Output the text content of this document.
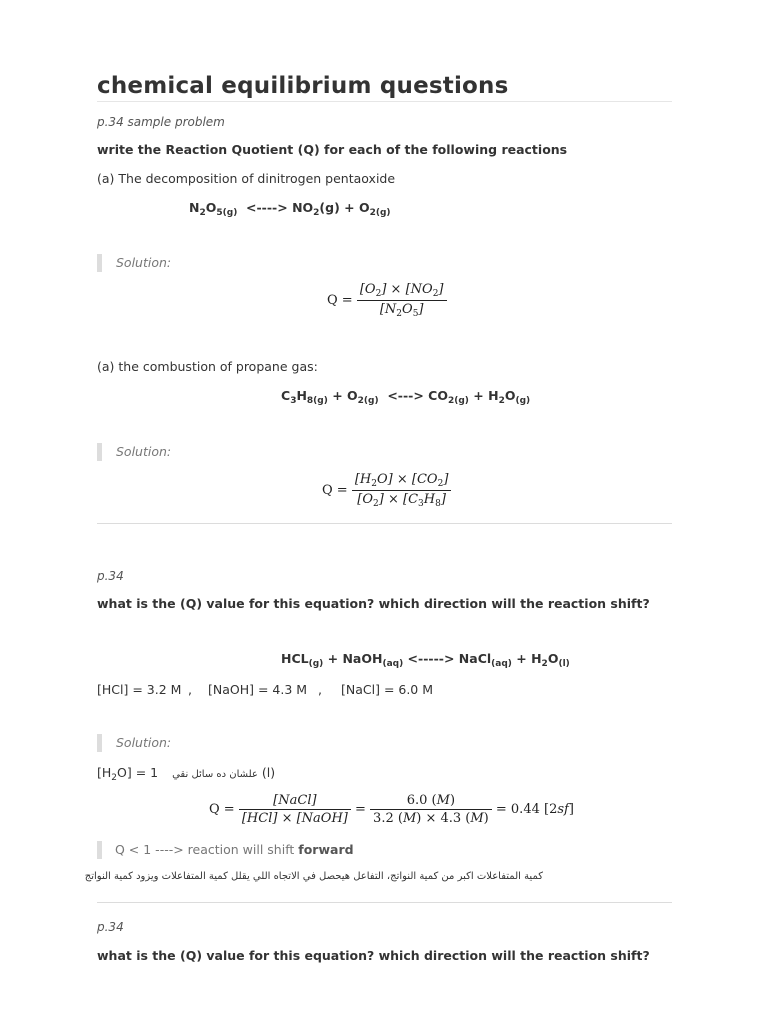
chemical equilibrium questions
p.34 sample problem
write the Reaction Quotient (Q) for each of the following reactions
(a) The decomposition of dinitrogen pentaoxide
$N_2O_{5(g)}$  <----> $NO_2(g) + O_{2(g)}$
Solution:
$Q = \frac{[O_2] \times [NO_2]}{[N_2O_5]}$
(a) the combustion of propane gas:
$C_3H_{8(g)} + O_{2(g)}$  <---> $CO_{2(g)} + H_2O_{(g)}$
Solution:
$Q = \frac{[H_2O] \times [CO_2]}{[O_2] \times [C_3H_8]}$
p.34
what is the (Q) value for this equation? which direction will the reaction shift?
$HCL_{(g)}$ + NaOH$_{(aq)}$ <-----> NaCl$_{(aq)}$ + $H_2O_{(l)}$
[HCl] = 3.2 M , [NaOH] = 4.3 M , [NaCl] = 6.0 M
Solution:
$[H_2O] = 1$ علشان ده سائل نقي (l)
$Q = \frac{\text{[NaCl]}}{\text{[HCl] × [NaOH]}} = \frac{6.0 (M)}{3.2 (M) \times 4.3 (M)} = 0.44$ [2sf]
Q < 1 ----> reaction will shift forward
كمية المتفاعلات اكبر من كمية النواتج، التفاعل هيحصل في الاتجاه اللي يقلل كمية المتفاعلات ويزود كمية النواتج
p.34
what is the (Q) value for this equation? which direction will the reaction shift?
